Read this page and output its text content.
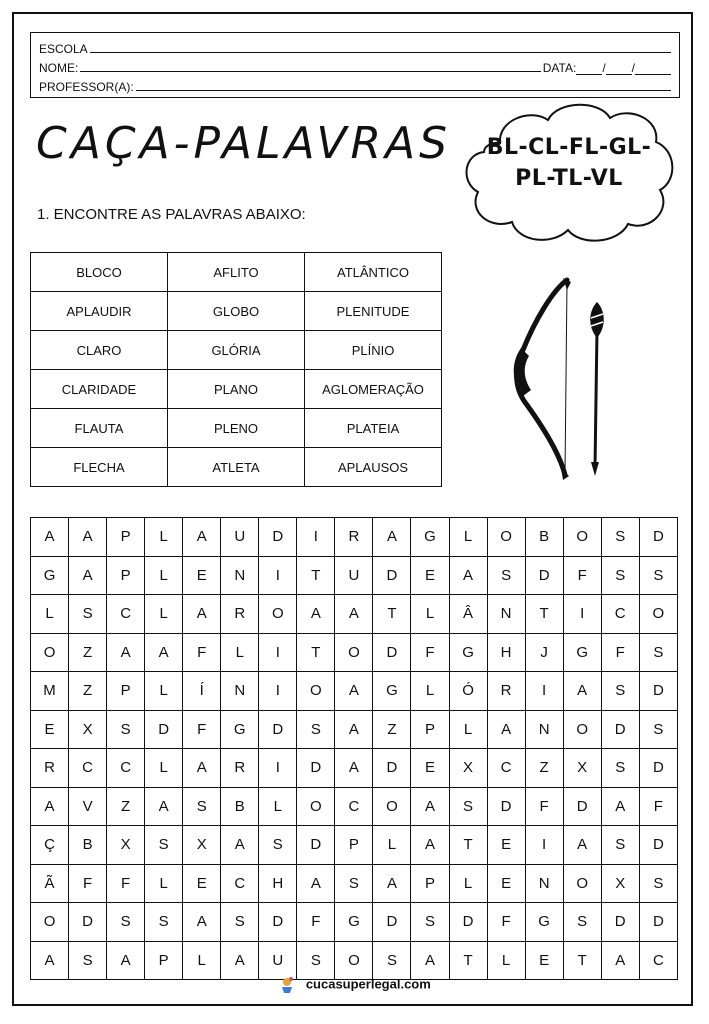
ESCOLA
NOME:	DATA: / /
PROFESSOR(A):
CAÇA-PALAVRAS	BL-CL-FL-GL-
PL-TL-VL
1. ENCONTRE AS PALAVRAS ABAIXO:
BLOCO	AFLITO	ATLÂNTICO
APLAUDIR	GLOBO	PLENITUDE
CLARO	GLÓRIA	PLÍNIO
CLARIDADE	PLANO	AGLOMERAÇÃO
FLAUTA	PLENO	PLATEIA
FLECHA	ATLETA	APLAUSOS
A	A	P	L	A	U	D	I	R	A	G	L	O	B	O	S	D
G	A	P	L	E	N	I	T	U	D	E	A	S	D	F	S	S
L	S	C	L	A	R	O	A	A	T	L	Â	N	T	I	C	O
O	Z	A	A	F	L	I	T	O	D	F	G	H	J	G	F	S
M	Z	P	L	Í	N	I	O	A	G	L	Ó	R	I	A	S	D
E	X	S	D	F	G	D	S	A	Z	P	L	A	N	O	D	S
R	C	C	L	A	R	I	D	A	D	E	X	C	Z	X	S	D
A	V	Z	A	S	B	L	O	C	O	A	S	D	F	D	A	F
Ç	B	X	S	X	A	S	D	P	L	A	T	E	I	A	S	D
Ã	F	F	L	E	C	H	A	S	A	P	L	E	N	O	X	S
O	D	S	S	A	S	D	F	G	D	S	D	F	G	S	D	D
A	S	A	P	L	A	U	S	O	S	A	T	L	E	T	A	C
cucasuperlegal.com
